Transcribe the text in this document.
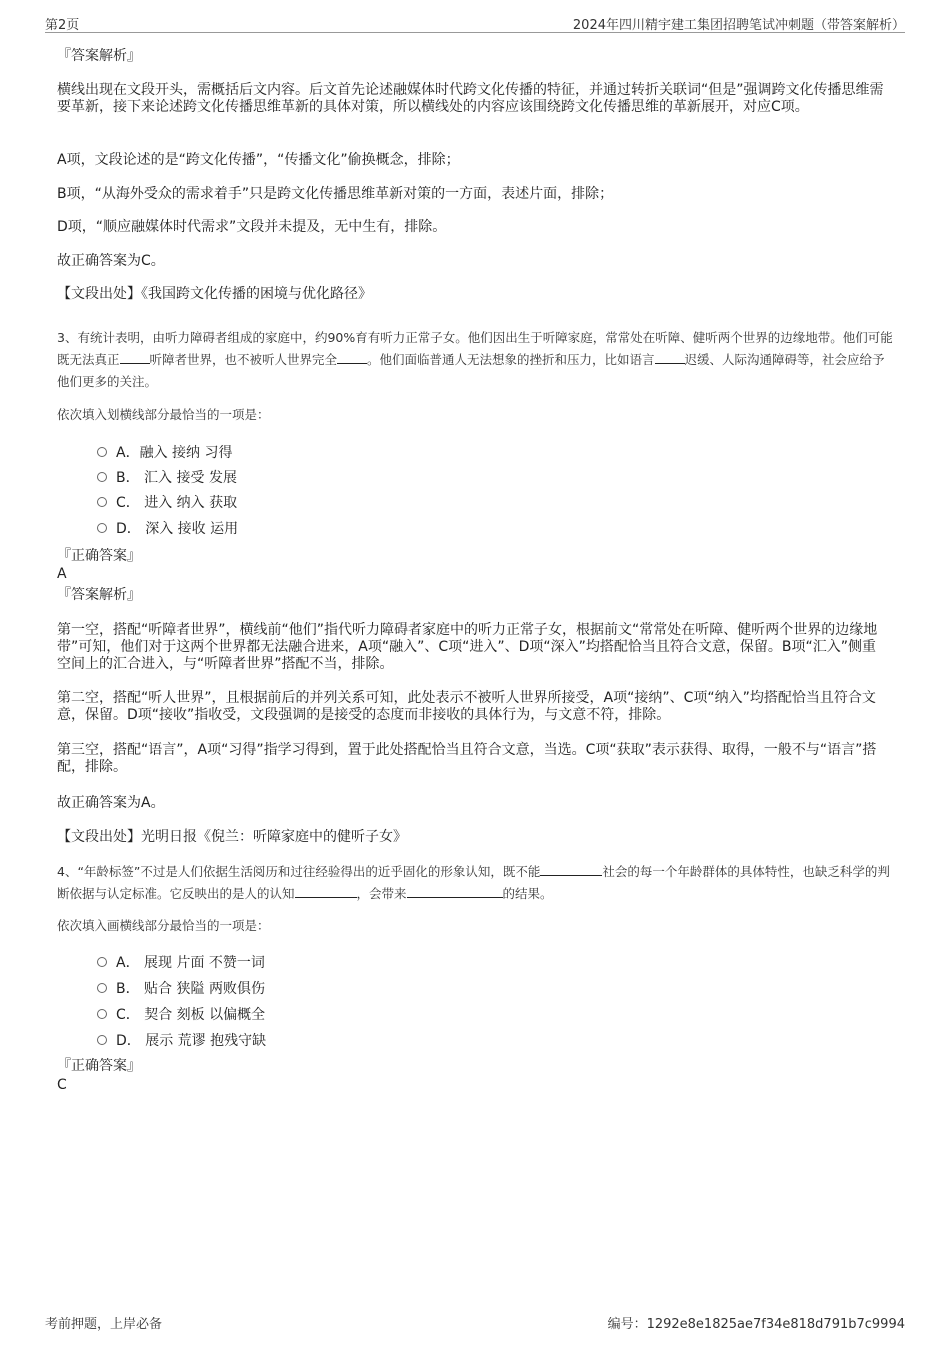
第2页	2024年四川精宇建工集团招聘笔试冲刺题（带答案解析）

『答案解析』

横线出现在文段开头，需概括后文内容。后文首先论述融媒体时代跨文化传播的特征，并通过转折关联词“但是”强调跨文化传播思维需要革新，接下来论述跨文化传播思维革新的具体对策，所以横线处的内容应该围绕跨文化传播思维的革新展开，对应C项。

A项，文段论述的是“跨文化传播”，“传播文化”偷换概念，排除；

B项，“从海外受众的需求着手”只是跨文化传播思维革新对策的一方面，表述片面，排除；

D项，“顺应融媒体时代需求”文段并未提及，无中生有，排除。

故正确答案为C。

【文段出处】《我国跨文化传播的困境与优化路径》

3、有统计表明，由听力障碍者组成的家庭中，约90%育有听力正常子女。他们因出生于听障家庭，常常处在听障、健听两个世界的边缘地带。他们可能既无法真正 听障者世界，也不被听人世界完全 。他们面临普通人无法想象的挫折和压力，比如语言 迟缓、人际沟通障碍等，社会应给予他们更多的关注。

依次填入划横线部分最恰当的一项是：

A．融入 接纳 习得
B． 汇入 接受 发展
C． 进入 纳入 获取
D． 深入 接收 运用

『正确答案』

A

『答案解析』

第一空，搭配“听障者世界”，横线前“他们”指代听力障碍者家庭中的听力正常子女，根据前文“常常处在听障、健听两个世界的边缘地带”可知，他们对于这两个世界都无法融合进来，A项“融入”、C项“进入”、D项“深入”均搭配恰当且符合文意，保留。B项“汇入”侧重空间上的汇合进入，与“听障者世界”搭配不当，排除。

第二空，搭配“听人世界”，且根据前后的并列关系可知，此处表示不被听人世界所接受，A项“接纳”、C项“纳入”均搭配恰当且符合文意，保留。D项“接收”指收受，文段强调的是接受的态度而非接收的具体行为，与文意不符，排除。

第三空，搭配“语言”，A项“习得”指学习得到，置于此处搭配恰当且符合文意，当选。C项“获取”表示获得、取得，一般不与“语言”搭配，排除。

故正确答案为A。

【文段出处】光明日报《倪兰：听障家庭中的健听子女》

4、“年龄标签”不过是人们依据生活阅历和过往经验得出的近乎固化的形象认知，既不能	社会的每一个年龄群体的具体特性，也缺乏科学的判断依据与认定标准。它反映出的是人的认知	，会带来	的结果。

依次填入画横线部分最恰当的一项是：

A． 展现 片面 不赞一词
B． 贴合 狭隘 两败俱伤
C． 契合 刻板 以偏概全
D． 展示 荒谬 抱残守缺

『正确答案』

C

考前押题，上岸必备	编号：1292e8e1825ae7f34e818d791b7c9994
